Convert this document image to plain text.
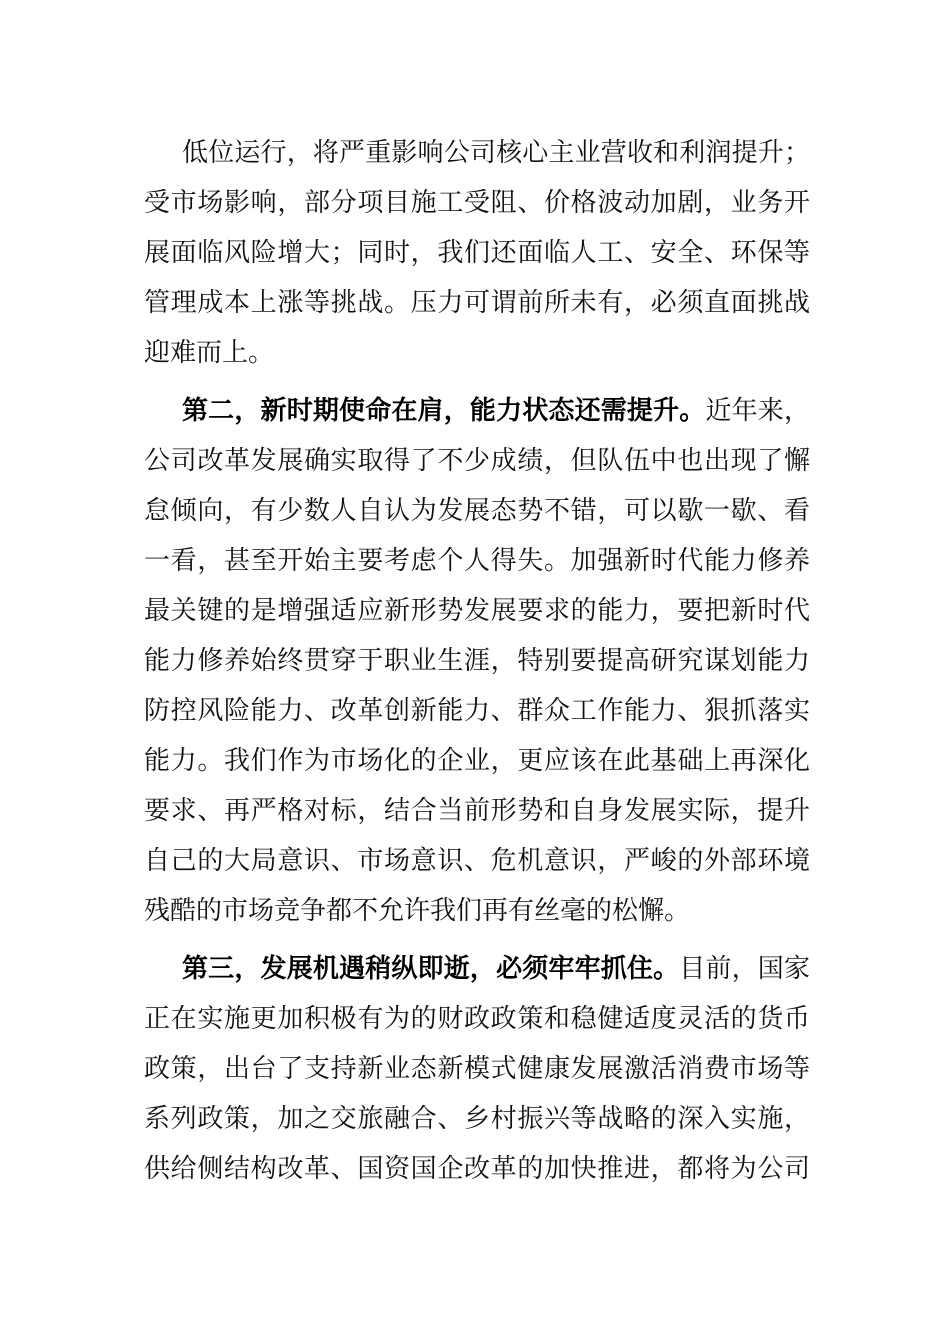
低位运行，将严重影响公司核心主业营收和利润提升；
受市场影响，部分项目施工受阻、价格波动加剧，业务开
展面临风险增大；同时，我们还面临人工、安全、环保等
管理成本上涨等挑战。压力可谓前所未有，必须直面挑战
迎难而上。
第二，新时期使命在肩，能力状态还需提升。近年来，
公司改革发展确实取得了不少成绩，但队伍中也出现了懈
怠倾向，有少数人自认为发展态势不错，可以歇一歇、看
一看，甚至开始主要考虑个人得失。加强新时代能力修养
最关键的是增强适应新形势发展要求的能力，要把新时代
能力修养始终贯穿于职业生涯，特别要提高研究谋划能力
防控风险能力、改革创新能力、群众工作能力、狠抓落实
能力。我们作为市场化的企业，更应该在此基础上再深化
要求、再严格对标，结合当前形势和自身发展实际，提升
自己的大局意识、市场意识、危机意识，严峻的外部环境
残酷的市场竞争都不允许我们再有丝毫的松懈。
第三，发展机遇稍纵即逝，必须牢牢抓住。目前，国家
正在实施更加积极有为的财政政策和稳健适度灵活的货币
政策，出台了支持新业态新模式健康发展激活消费市场等
系列政策，加之交旅融合、乡村振兴等战略的深入实施，
供给侧结构改革、国资国企改革的加快推进，都将为公司
